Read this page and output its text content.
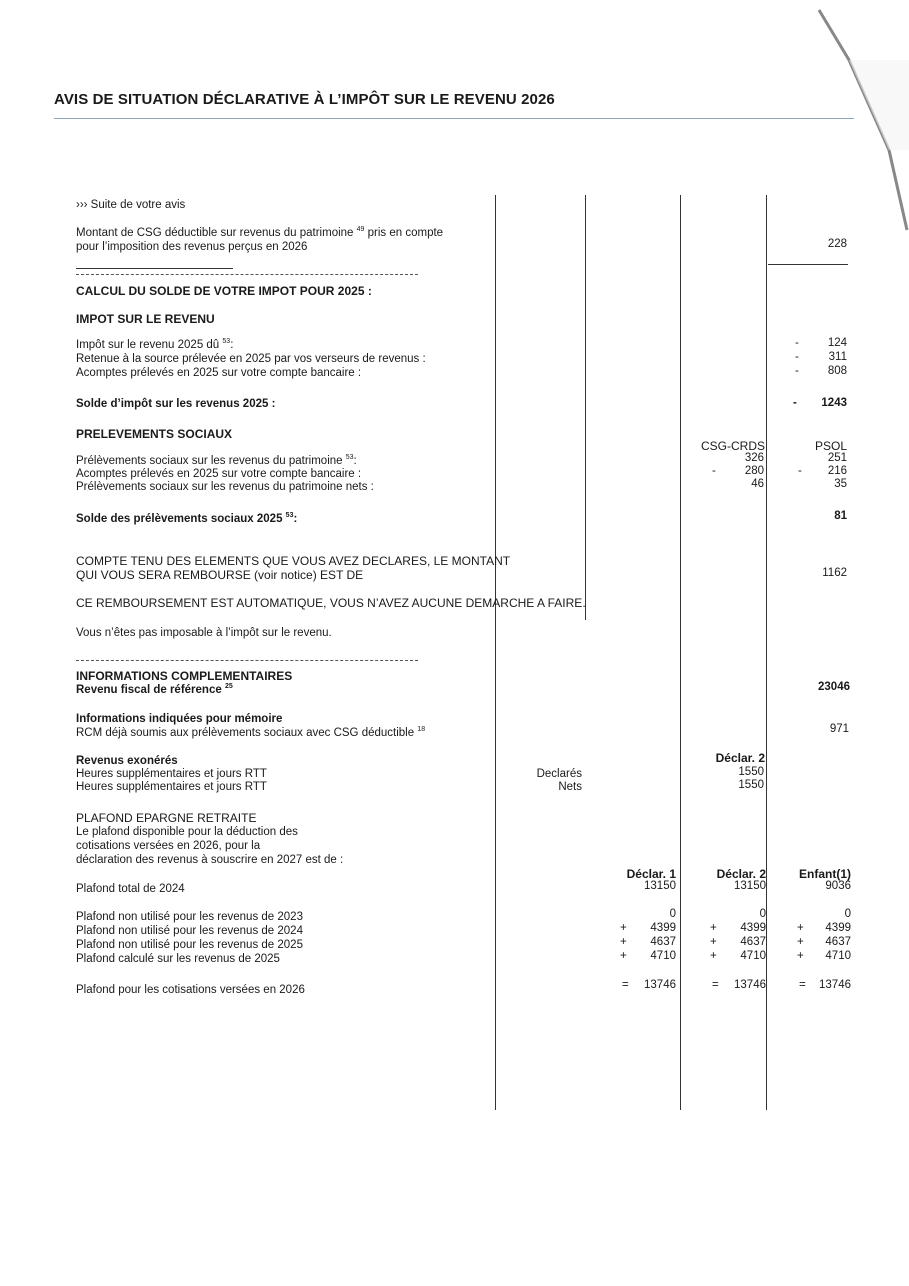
AVIS DE SITUATION DÉCLARATIVE À L’IMPÔT SUR LE REVENU 2026
››› Suite de votre avis
Montant de CSG déductible sur revenus du patrimoine $^{49}$ pris en compte
pour l’imposition des revenus perçus en 2026	228
CALCUL DU SOLDE DE VOTRE IMPOT POUR 2025 :
IMPOT SUR LE REVENU
Impôt sur le revenu 2025 dû $^{53}$:	-	124
Retenue à la source prélevée en 2025 par vos verseurs de revenus :	-	311
Acomptes prélevés en 2025 sur votre compte bancaire :	-	808
Solde d’impôt sur les revenus 2025 :	-	1243
PRELEVEMENTS SOCIAUX
CSG-CRDS	PSOL
Prélèvements sociaux sur les revenus du patrimoine $^{53}$:	326	251
Acomptes prélevés en 2025 sur votre compte bancaire :	-	280	-	216
Prélèvements sociaux sur les revenus du patrimoine nets :	46	35
Solde des prélèvements sociaux 2025 $^{53}$:	81
COMPTE TENU DES ELEMENTS QUE VOUS AVEZ DECLARES, LE MONTANT
QUI VOUS SERA REMBOURSE (voir notice) EST DE	1162
CE REMBOURSEMENT EST AUTOMATIQUE, VOUS N’AVEZ AUCUNE DEMARCHE A FAIRE.
Vous n’êtes pas imposable à l’impôt sur le revenu.
INFORMATIONS COMPLEMENTAIRES
Revenu fiscal de référence $^{25}$	23046
Informations indiquées pour mémoire
RCM déjà soumis aux prélèvements sociaux avec CSG déductible $^{18}$	971
Revenus exonérés	Déclar. 2
Heures supplémentaires et jours RTT	Declarés	1550
Heures supplémentaires et jours RTT	Nets	1550
PLAFOND EPARGNE RETRAITE
Le plafond disponible pour la déduction des
cotisations versées en 2026, pour la
déclaration des revenus à souscrire en 2027 est de :
Déclar. 1	Déclar. 2	Enfant(1)
Plafond total de 2024	13150	13150	9036
Plafond non utilisé pour les revenus de 2023	0	0	0
Plafond non utilisé pour les revenus de 2024	+	4399	+	4399	+	4399
Plafond non utilisé pour les revenus de 2025	+	4637	+	4637	+	4637
Plafond calculé sur les revenus de 2025	+	4710	+	4710	+	4710
Plafond pour les cotisations versées en 2026	=	13746	=	13746	=	13746
